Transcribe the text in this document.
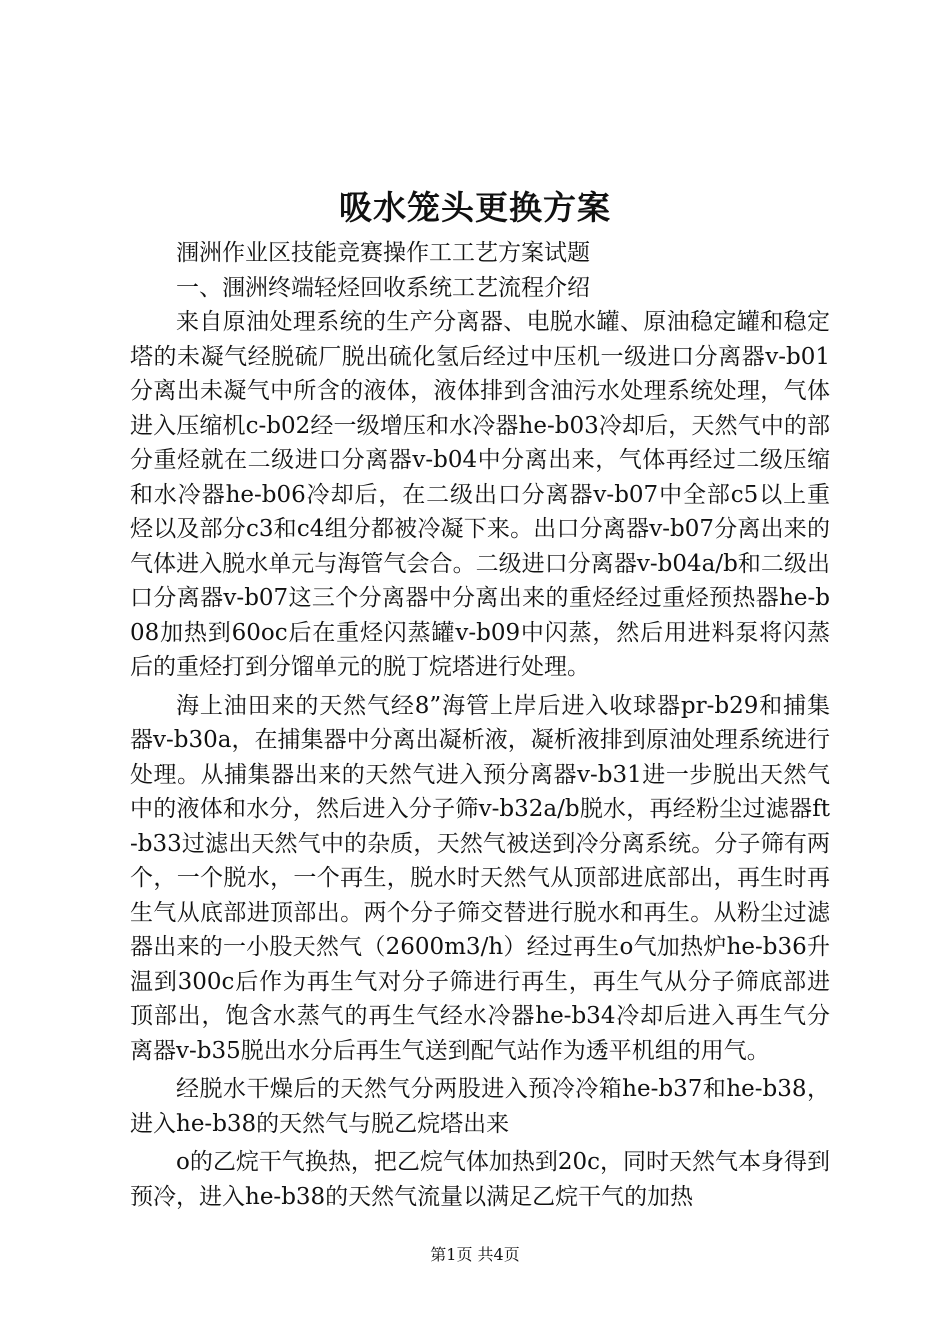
吸水笼头更换方案

涠洲作业区技能竞赛操作工工艺方案试题

一、涠洲终端轻烃回收系统工艺流程介绍

来自原油处理系统的生产分离器、电脱水罐、原油稳定罐和稳定塔的未凝气经脱硫厂脱出硫化氢后经过中压机一级进口分离器v-b01分离出未凝气中所含的液体，液体排到含油污水处理系统处理，气体进入压缩机c-b02经一级增压和水冷器he-b03冷却后，天然气中的部分重烃就在二级进口分离器v-b04中分离出来，气体再经过二级压缩和水冷器he-b06冷却后，在二级出口分离器v-b07中全部c5以上重烃以及部分c3和c4组分都被冷凝下来。出口分离器v-b07分离出来的气体进入脱水单元与海管气会合。二级进口分离器v-b04a/b和二级出口分离器v-b07这三个分离器中分离出来的重烃经过重烃预热器he-b08加热到60oc后在重烃闪蒸罐v-b09中闪蒸，然后用进料泵将闪蒸后的重烃打到分馏单元的脱丁烷塔进行处理。

海上油田来的天然气经8”海管上岸后进入收球器pr-b29和捕集器v-b30a，在捕集器中分离出凝析液，凝析液排到原油处理系统进行处理。从捕集器出来的天然气进入预分离器v-b31进一步脱出天然气中的液体和水分，然后进入分子筛v-b32a/b脱水，再经粉尘过滤器ft-b33过滤出天然气中的杂质，天然气被送到冷分离系统。分子筛有两个，一个脱水，一个再生，脱水时天然气从顶部进底部出，再生时再生气从底部进顶部出。两个分子筛交替进行脱水和再生。从粉尘过滤器出来的一小股天然气（2600m3/h）经过再生o气加热炉he-b36升温到300c后作为再生气对分子筛进行再生，再生气从分子筛底部进顶部出，饱含水蒸气的再生气经水冷器he-b34冷却后进入再生气分离器v-b35脱出水分后再生气送到配气站作为透平机组的用气。

经脱水干燥后的天然气分两股进入预冷冷箱he-b37和he-b38，进入he-b38的天然气与脱乙烷塔出来

o的乙烷干气换热，把乙烷气体加热到20c，同时天然气本身得到预冷，进入he-b38的天然气流量以满足乙烷干气的加热

第1页 共4页
